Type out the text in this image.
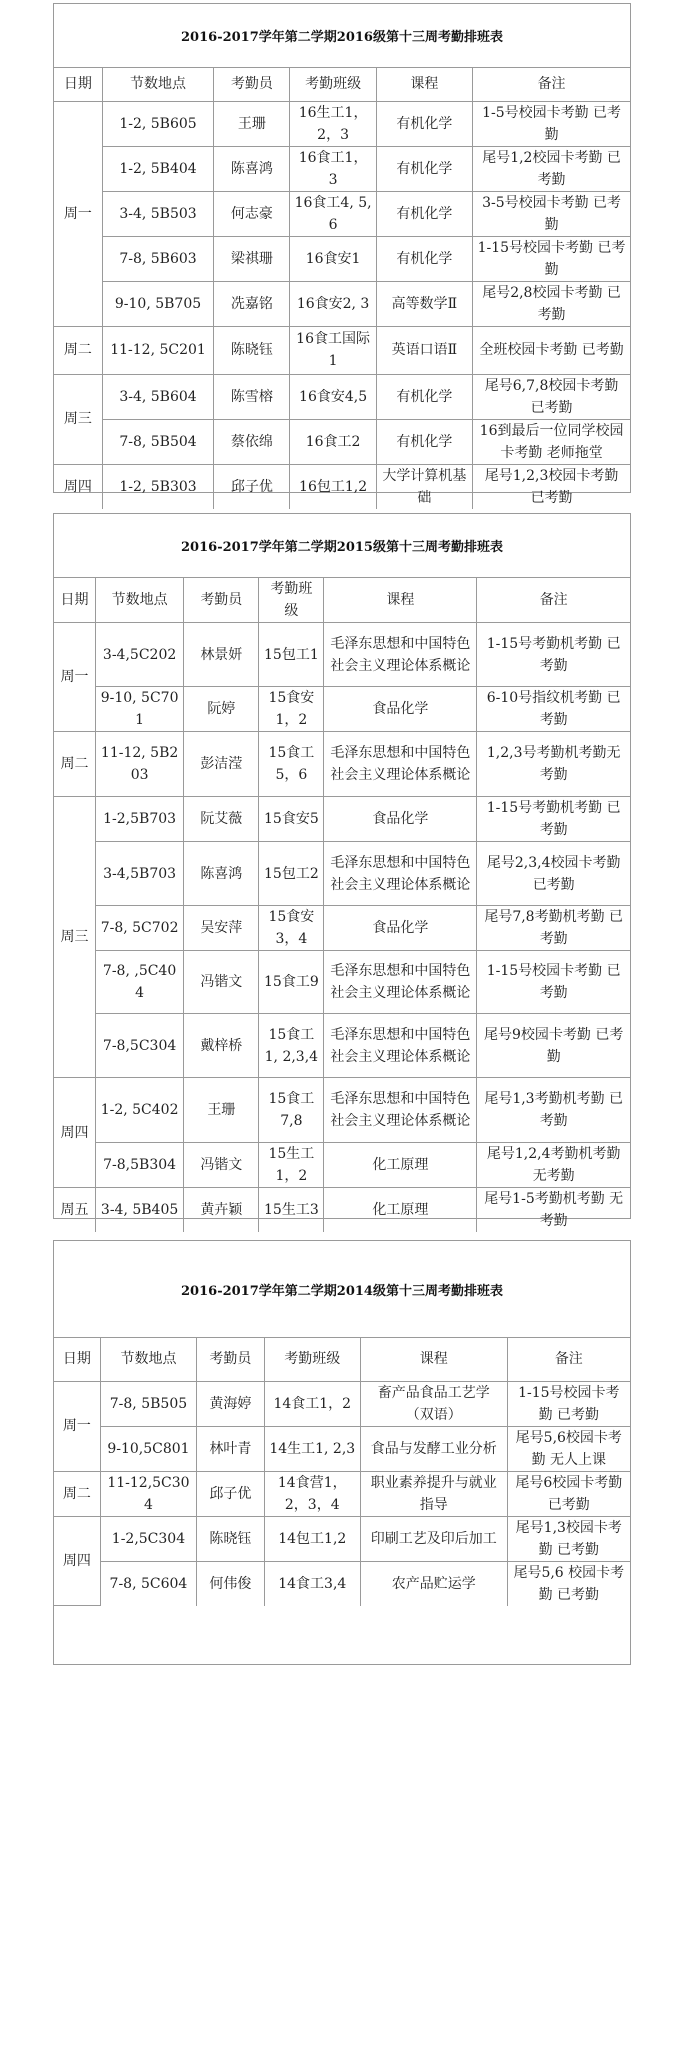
2016-2017学年第二学期2016级第十三周考勤排班表
日期	节数地点	考勤员	考勤班级	课程	备注
周一	1-2, 5B605	王珊	16生工1，2，3	有机化学	1-5号校园卡考勤 已考勤
	1-2, 5B404	陈喜鸿	16食工1，3	有机化学	尾号1,2校园卡考勤 已考勤
	3-4, 5B503	何志豪	16食工4, 5,6	有机化学	3-5号校园卡考勤 已考勤
	7-8, 5B603	梁祺珊	16食安1	有机化学	1-15号校园卡考勤 已考勤
	9-10, 5B705	冼嘉铭	16食安2, 3	高等数学Ⅱ	尾号2,8校园卡考勤 已考勤
周二	11-12, 5C201	陈晓钰	16食工国际1	英语口语Ⅱ	全班校园卡考勤 已考勤
周三	3-4, 5B604	陈雪榕	16食安4,5	有机化学	尾号6,7,8校园卡考勤 已考勤
	7-8, 5B504	蔡依绵	16食工2	有机化学	16到最后一位同学校园卡考勤 老师拖堂
周四	1-2, 5B303	邱子优	16包工1,2	大学计算机基础	尾号1,2,3校园卡考勤 已考勤
2016-2017学年第二学期2015级第十三周考勤排班表
日期	节数地点	考勤员	考勤班级	课程	备注
周一	3-4,5C202	林景妍	15包工1	毛泽东思想和中国特色社会主义理论体系概论	1-15号考勤机考勤 已考勤
	9-10, 5C701	阮婷	15食安1，2	食品化学	6-10号指纹机考勤 已考勤
周二	11-12, 5B203	彭洁滢	15食工5，6	毛泽东思想和中国特色社会主义理论体系概论	1,2,3号考勤机考勤无考勤
周三	1-2,5B703	阮艾薇	15食安5	食品化学	1-15号考勤机考勤 已考勤
	3-4,5B703	陈喜鸿	15包工2	毛泽东思想和中国特色社会主义理论体系概论	尾号2,3,4校园卡考勤 已考勤
	7-8, 5C702	吴安萍	15食安3，4	食品化学	尾号7,8考勤机考勤 已考勤
	7-8, ,5C404	冯锴文	15食工9	毛泽东思想和中国特色社会主义理论体系概论	1-15号校园卡考勤 已考勤
	7-8,5C304	戴梓桥	15食工1, 2,3,4	毛泽东思想和中国特色社会主义理论体系概论	尾号9校园卡考勤 已考勤
周四	1-2, 5C402	王珊	15食工7,8	毛泽东思想和中国特色社会主义理论体系概论	尾号1,3考勤机考勤 已考勤
	7-8,5B304	冯锴文	15生工1，2	化工原理	尾号1,2,4考勤机考勤 无考勤
周五	3-4, 5B405	黄卉颖	15生工3	化工原理	尾号1-5考勤机考勤 无考勤
2016-2017学年第二学期2014级第十三周考勤排班表
日期	节数地点	考勤员	考勤班级	课程	备注
周一	7-8, 5B505	黄海婷	14食工1，2	畜产品食品工艺学（双语）	1-15号校园卡考勤 已考勤
	9-10,5C801	林叶青	14生工1, 2,3	食品与发酵工业分析	尾号5,6校园卡考勤 无人上课
周二	11-12,5C304	邱子优	14食营1，2，3，4	职业素养提升与就业指导	尾号6校园卡考勤 已考勤
周四	1-2,5C304	陈晓钰	14包工1,2	印刷工艺及印后加工	尾号1,3校园卡考勤 已考勤
	7-8, 5C604	何伟俊	14食工3,4	农产品贮运学	尾号5,6 校园卡考勤 已考勤
